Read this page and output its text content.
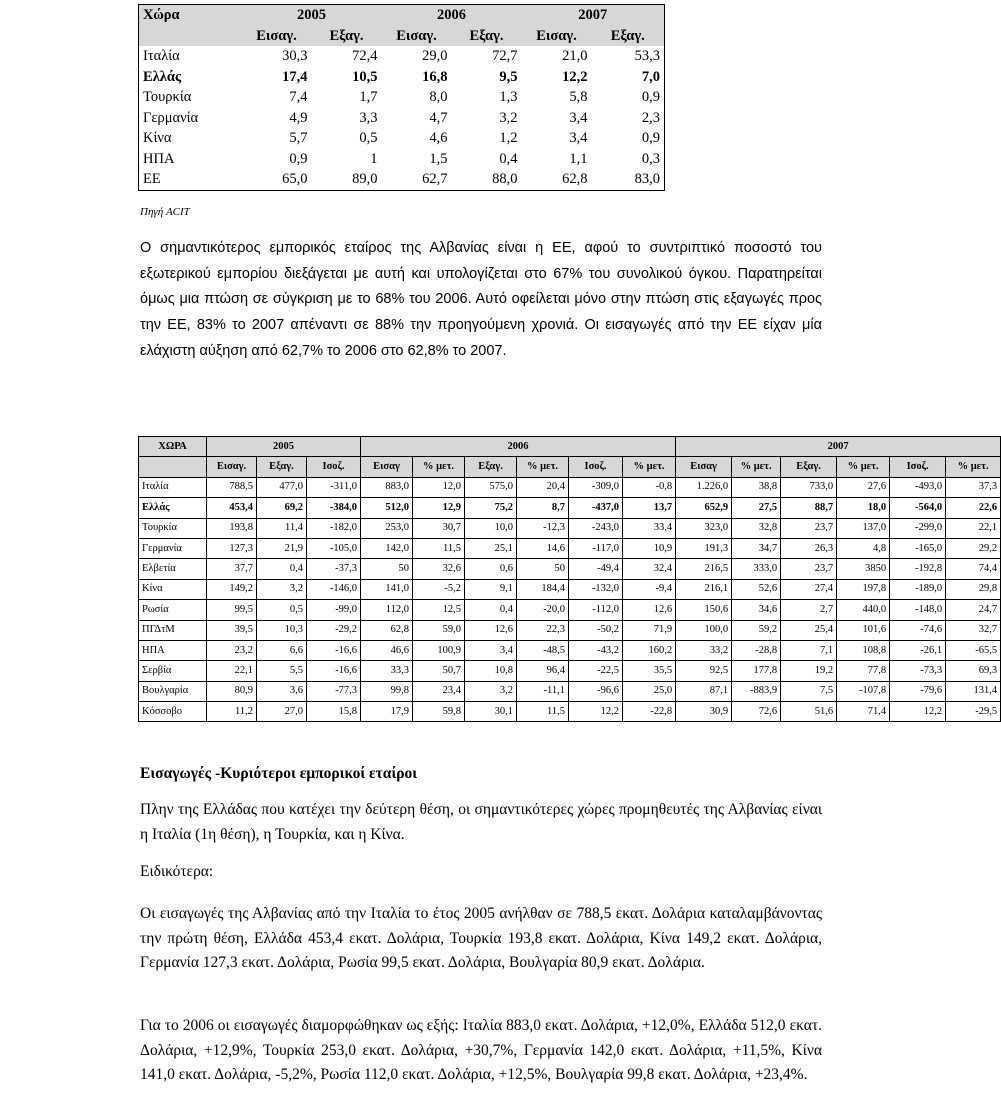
Χώρα	2005		2006		2007	
	Εισαγ.	Εξαγ.	Εισαγ.	Εξαγ.	Εισαγ.	Εξαγ.
Ιταλία	30,3	72,4	29,0	72,7	21,0	53,3
Ελλάς	17,4	10,5	16,8	9,5	12,2	7,0
Τουρκία	7,4	1,7	8,0	1,3	5,8	0,9
Γερμανία	4,9	3,3	4,7	3,2	3,4	2,3
Κίνα	5,7	0,5	4,6	1,2	3,4	0,9
ΗΠΑ	0,9	1	1,5	0,4	1,1	0,3
ΕΕ	65,0	89,0	62,7	88,0	62,8	83,0
Πηγή ACIT

Ο σημαντικότερος εμπορικός εταίρος της Αλβανίας είναι η ΕΕ, αφού το συντριπτικό ποσοστό του εξωτερικού εμπορίου διεξάγεται με αυτή και υπολογίζεται στο 67% του συνολικού όγκου. Παρατηρείται όμως μια πτώση σε σύγκριση με το 68% του 2006. Αυτό οφείλεται μόνο στην πτώση στις εξαγωγές προς την ΕΕ, 83% το 2007 απέναντι σε 88% την προηγούμενη χρονιά. Οι εισαγωγές από την ΕΕ είχαν μία ελάχιστη αύξηση από 62,7% το 2006 στο 62,8% το 2007.

ΧΩΡΑ	2005			2006						2007					
	Εισαγ.	Εξαγ.	Ισοζ.	Εισαγ	% μετ.	Εξαγ.	% μετ.	Ισοζ.	% μετ.	Εισαγ	% μετ.	Εξαγ.	% μετ.	Ισοζ.	% μετ.
Ιταλία	788,5	477,0	-311,0	883,0	12,0	575,0	20,4	-309,0	-0,8	1.226,0	38,8	733,0	27,6	-493,0	37,3
Ελλάς	453,4	69,2	-384,0	512,0	12,9	75,2	8,7	-437,0	13,7	652,9	27,5	88,7	18,0	-564,0	22,6
Τουρκία	193,8	11,4	-182,0	253,0	30,7	10,0	-12,3	-243,0	33,4	323,0	32,8	23,7	137,0	-299,0	22,1
Γερμανία	127,3	21,9	-105,0	142,0	11,5	25,1	14,6	-117,0	10,9	191,3	34,7	26,3	4,8	-165,0	29,2
Ελβετία	37,7	0,4	-37,3	50	32,6	0,6	50	-49,4	32,4	216,5	333,0	23,7	3850	-192,8	74,4
Κίνα	149,2	3,2	-146,0	141,0	-5,2	9,1	184,4	-132,0	-9,4	216,1	52,6	27,4	197,8	-189,0	29,8
Ρωσία	99,5	0,5	-99,0	112,0	12,5	0,4	-20,0	-112,0	12,6	150,6	34,6	2,7	440,0	-148,0	24,7
ΠΓΔτΜ	39,5	10,3	-29,2	62,8	59,0	12,6	22,3	-50,2	71,9	100,0	59,2	25,4	101,6	-74,6	32,7
ΗΠΑ	23,2	6,6	-16,6	46,6	100,9	3,4	-48,5	-43,2	160,2	33,2	-28,8	7,1	108,8	-26,1	-65,5
Σερβία	22,1	5,5	-16,6	33,3	50,7	10,8	96,4	-22,5	35,5	92,5	177,8	19,2	77,8	-73,3	69,3
Βουλγαρία	80,9	3,6	-77,3	99,8	23,4	3,2	-11,1	-96,6	25,0	87,1	-883,9	7,5	-107,8	-79,6	131,4
Κόσσοβο	11,2	27,0	15,8	17,9	59,8	30,1	11,5	12,2	-22,8	30,9	72,6	51,6	71,4	12,2	-29,5

Εισαγωγές -Κυριότεροι εμπορικοί εταίροι

Πλην της Ελλάδας που κατέχει την δεύτερη θέση, οι σημαντικότερες χώρες προμηθευτές της Αλβανίας είναι η Ιταλία (1η θέση), η Τουρκία, και η Κίνα.

Ειδικότερα:

Οι εισαγωγές της Αλβανίας από την Ιταλία το έτος 2005 ανήλθαν σε 788,5 εκατ. Δολάρια καταλαμβάνοντας την πρώτη θέση, Ελλάδα 453,4 εκατ. Δολάρια, Τουρκία 193,8 εκατ. Δολάρια, Κίνα 149,2 εκατ. Δολάρια, Γερμανία 127,3 εκατ. Δολάρια, Ρωσία 99,5 εκατ. Δολάρια, Βουλγαρία 80,9 εκατ. Δολάρια.

Για το 2006 οι εισαγωγές διαμορφώθηκαν ως εξής: Ιταλία 883,0 εκατ. Δολάρια, +12,0%, Ελλάδα 512,0 εκατ. Δολάρια, +12,9%, Τουρκία 253,0 εκατ. Δολάρια, +30,7%, Γερμανία 142,0 εκατ. Δολάρια, +11,5%, Κίνα 141,0 εκατ. Δολάρια, -5,2%, Ρωσία 112,0 εκατ. Δολάρια, +12,5%, Βουλγαρία 99,8 εκατ. Δολάρια, +23,4%.
